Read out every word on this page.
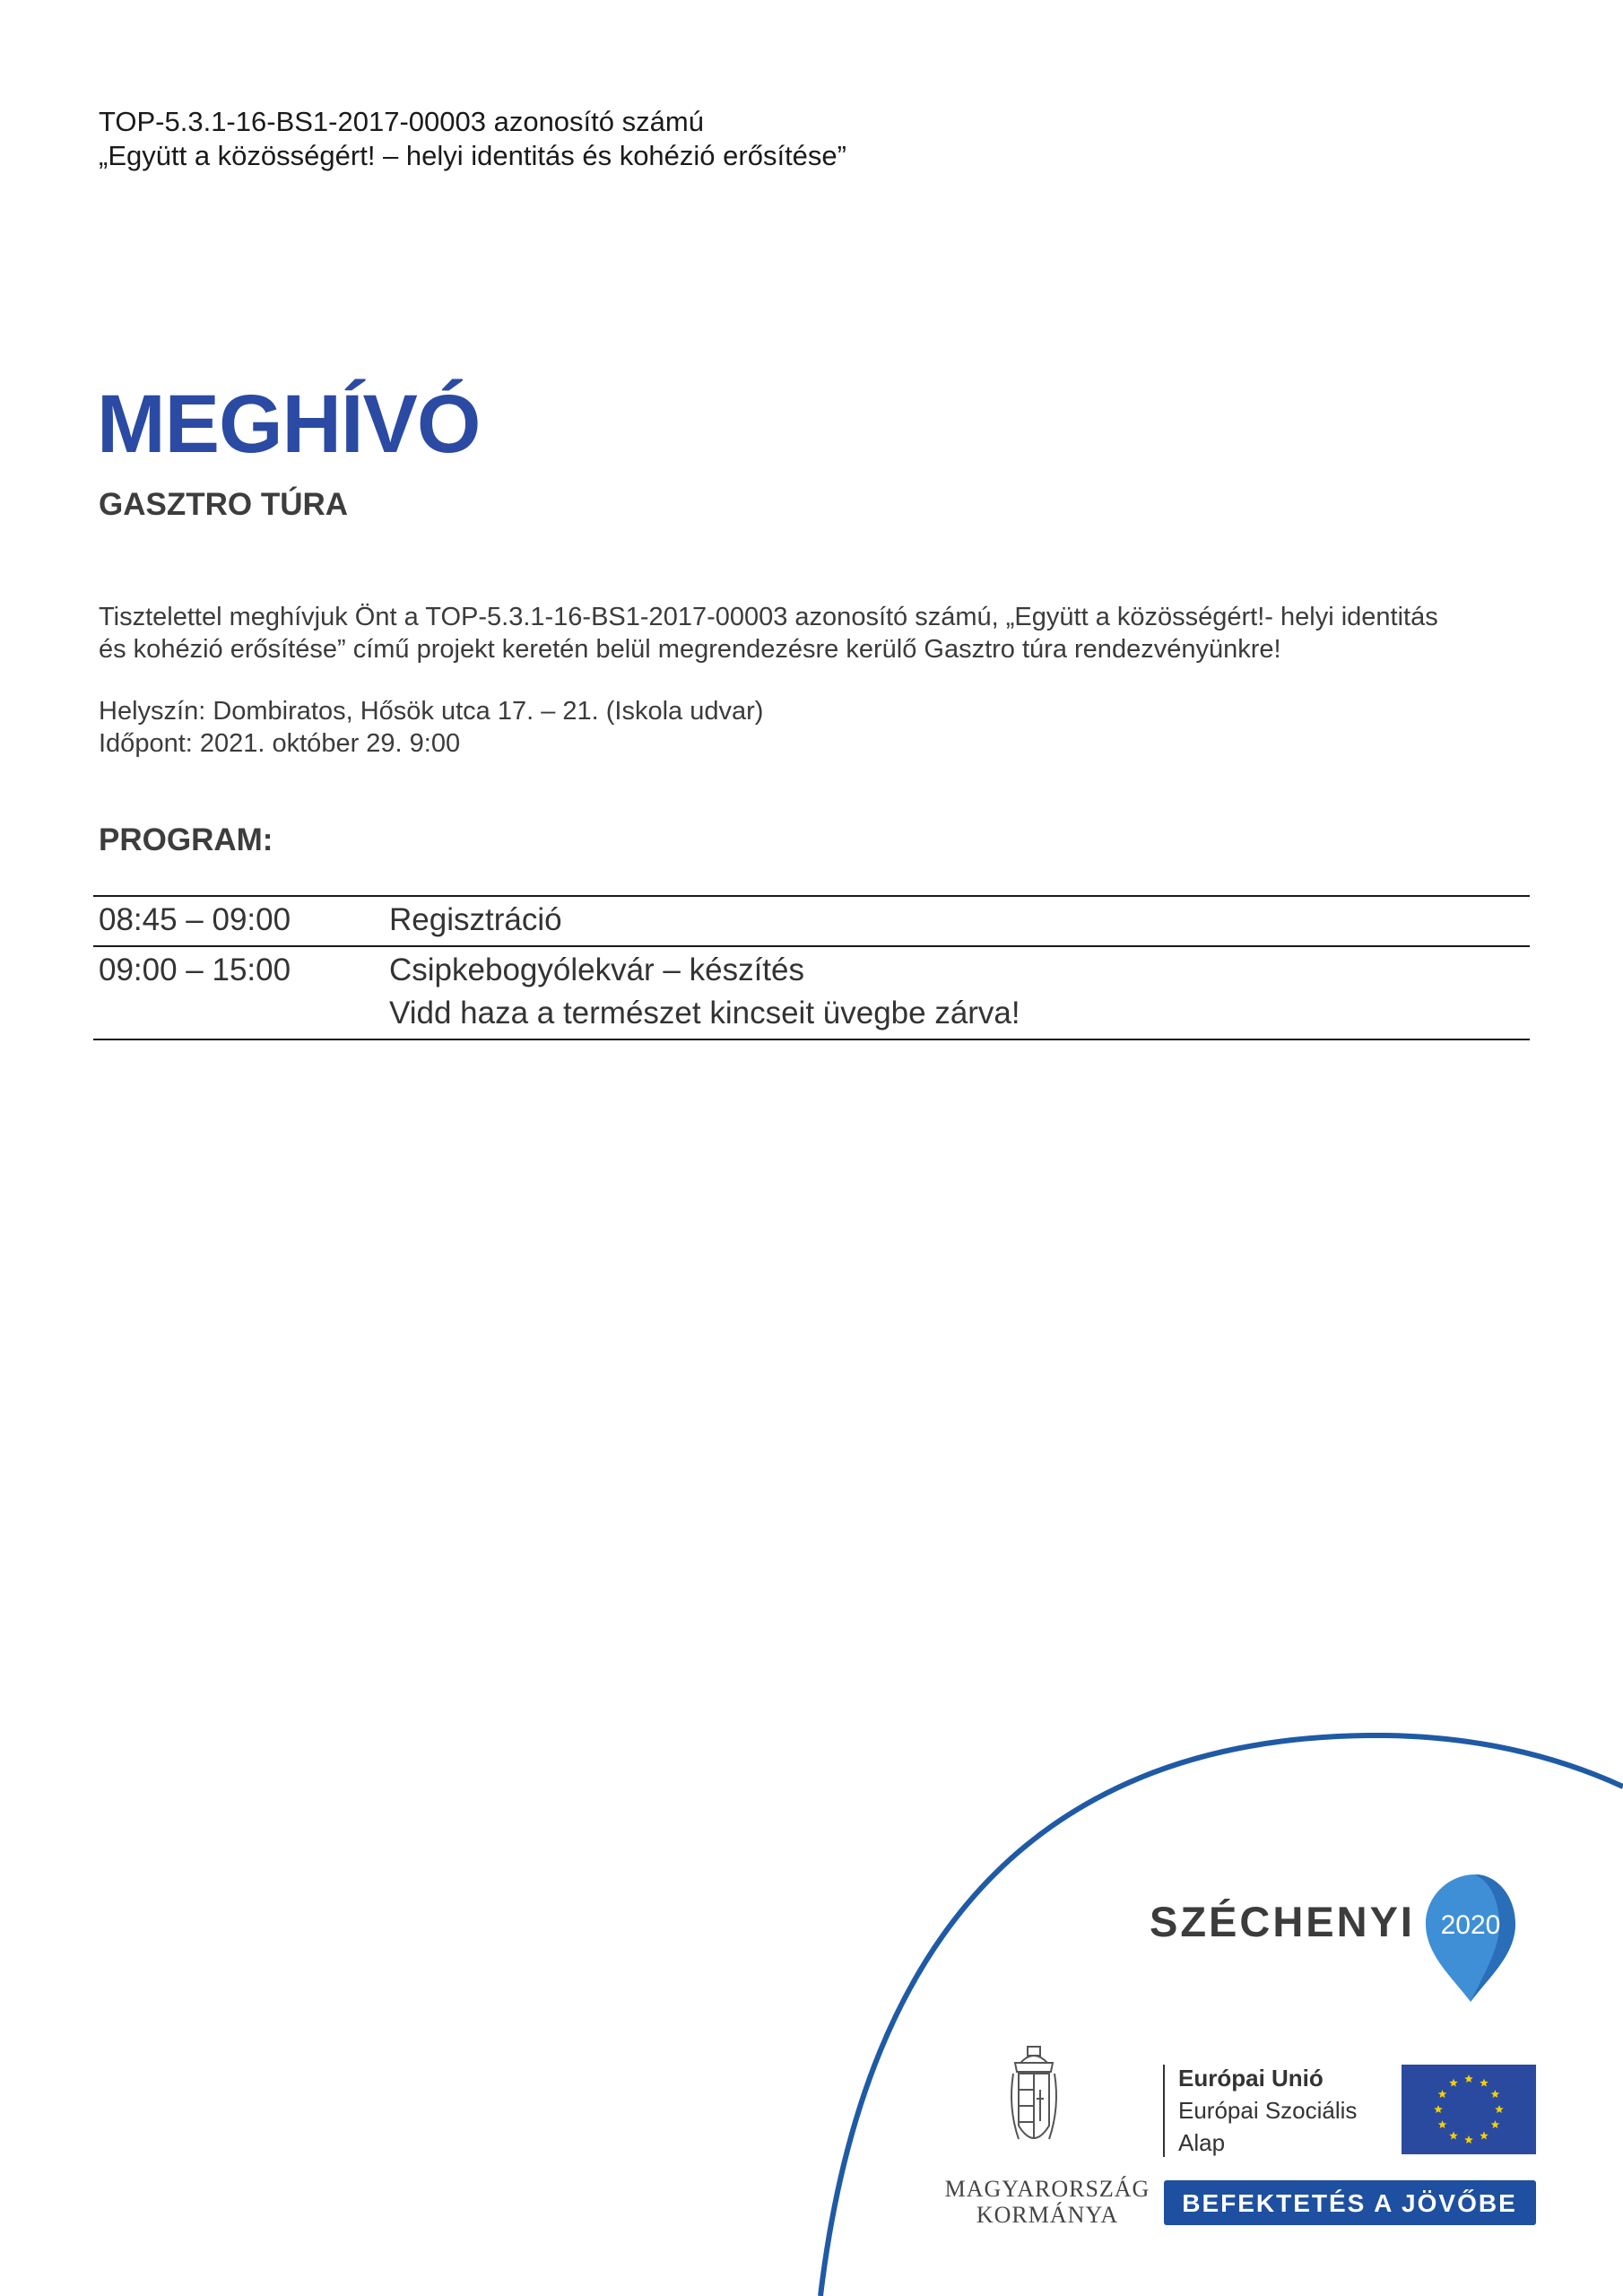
TOP-5.3.1-16-BS1-2017-00003 azonosító számú
„Együtt a közösségért! – helyi identitás és kohézió erősítése”
MEGHÍVÓ
GASZTRO TÚRA
Tisztelettel meghívjuk Önt a TOP-5.3.1-16-BS1-2017-00003 azonosító számú, „Együtt a közösségért!- helyi identitás
és kohézió erősítése” című projekt keretén belül megrendezésre kerülő Gasztro túra rendezvényünkre!
Helyszín: Dombiratos, Hősök utca 17. – 21. (Iskola udvar)
Időpont: 2021. október 29. 9:00
PROGRAM:
08:45 – 09:00	Regisztráció
09:00 – 15:00	Csipkebogyólekvár – készítés
Vidd haza a természet kincseit üvegbe zárva!
SZÉCHENYI 2020
MAGYARORSZÁG
KORMÁNYA
Európai Unió
Európai Szociális
Alap
BEFEKTETÉS A JÖVŐBE
